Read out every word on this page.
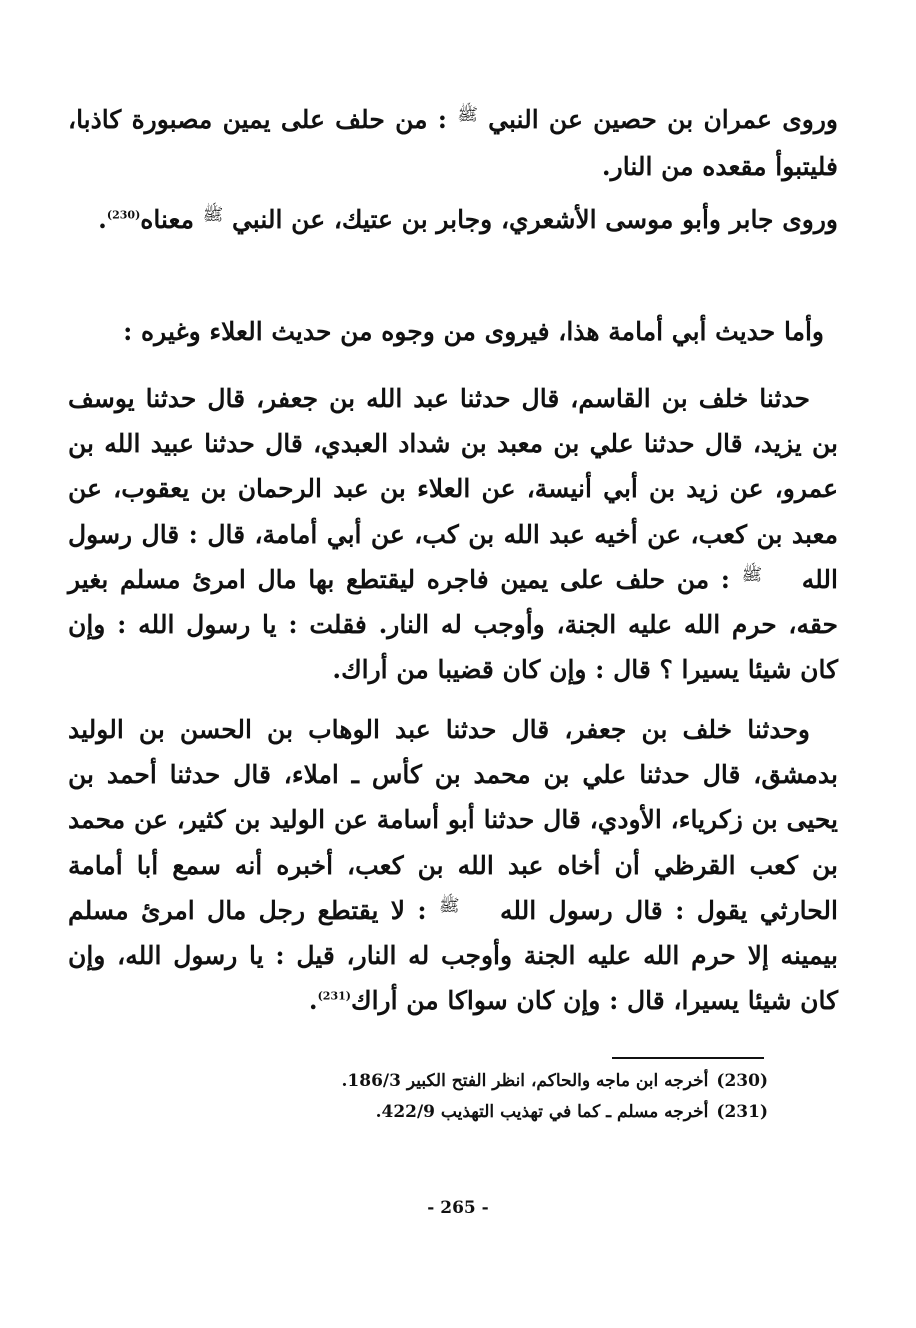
وروى عمران بن حصين عن النبي ﷺ : من حلف على يمين مصبورة كاذبا، فليتبوأ مقعده من النار.

وروى جابر وأبو موسى الأشعري، وجابر بن عتيك، عن النبي ﷺ معناه$^{(230)}$.

وأما حديث أبي أمامة هذا، فيروى من وجوه من حديث العلاء وغيره :

حدثنا خلف بن القاسم، قال حدثنا عبد الله بن جعفر، قال حدثنا يوسف بن يزيد، قال حدثنا علي بن معبد بن شداد العبدي، قال حدثنا عبيد الله بن عمرو، عن زيد بن أبي أنيسة، عن العلاء بن عبد الرحمان بن يعقوب، عن معبد بن كعب، عن أخيه عبد الله بن كب، عن أبي أمامة، قال : قال رسول الله ﷺ : من حلف على يمين فاجره ليقتطع بها مال امرئ مسلم بغير حقه، حرم الله عليه الجنة، وأوجب له النار. فقلت : يا رسول الله : وإن كان شيئا يسيرا ؟ قال : وإن كان قضيبا من أراك.

وحدثنا خلف بن جعفر، قال حدثنا عبد الوهاب بن الحسن بن الوليد بدمشق، قال حدثنا علي بن محمد بن كأس ـ املاء، قال حدثنا أحمد بن يحيى بن زكرياء، الأودي، قال حدثنا أبو أسامة عن الوليد بن كثير، عن محمد بن كعب القرظي أن أخاه عبد الله بن كعب، أخبره أنه سمع أبا أمامة الحارثي يقول : قال رسول الله ﷺ : لا يقتطع رجل مال امرئ مسلم بيمينه إلا حرم الله عليه الجنة وأوجب له النار، قيل : يا رسول الله، وإن كان شيئا يسيرا، قال : وإن كان سواكا من أراك$^{(231)}$.

(230)أخرجه ابن ماجه والحاكم، انظر الفتح الكبير 186/3.
(231)أخرجه مسلم ـ كما في تهذيب التهذيب 422/9.
- 265 -
